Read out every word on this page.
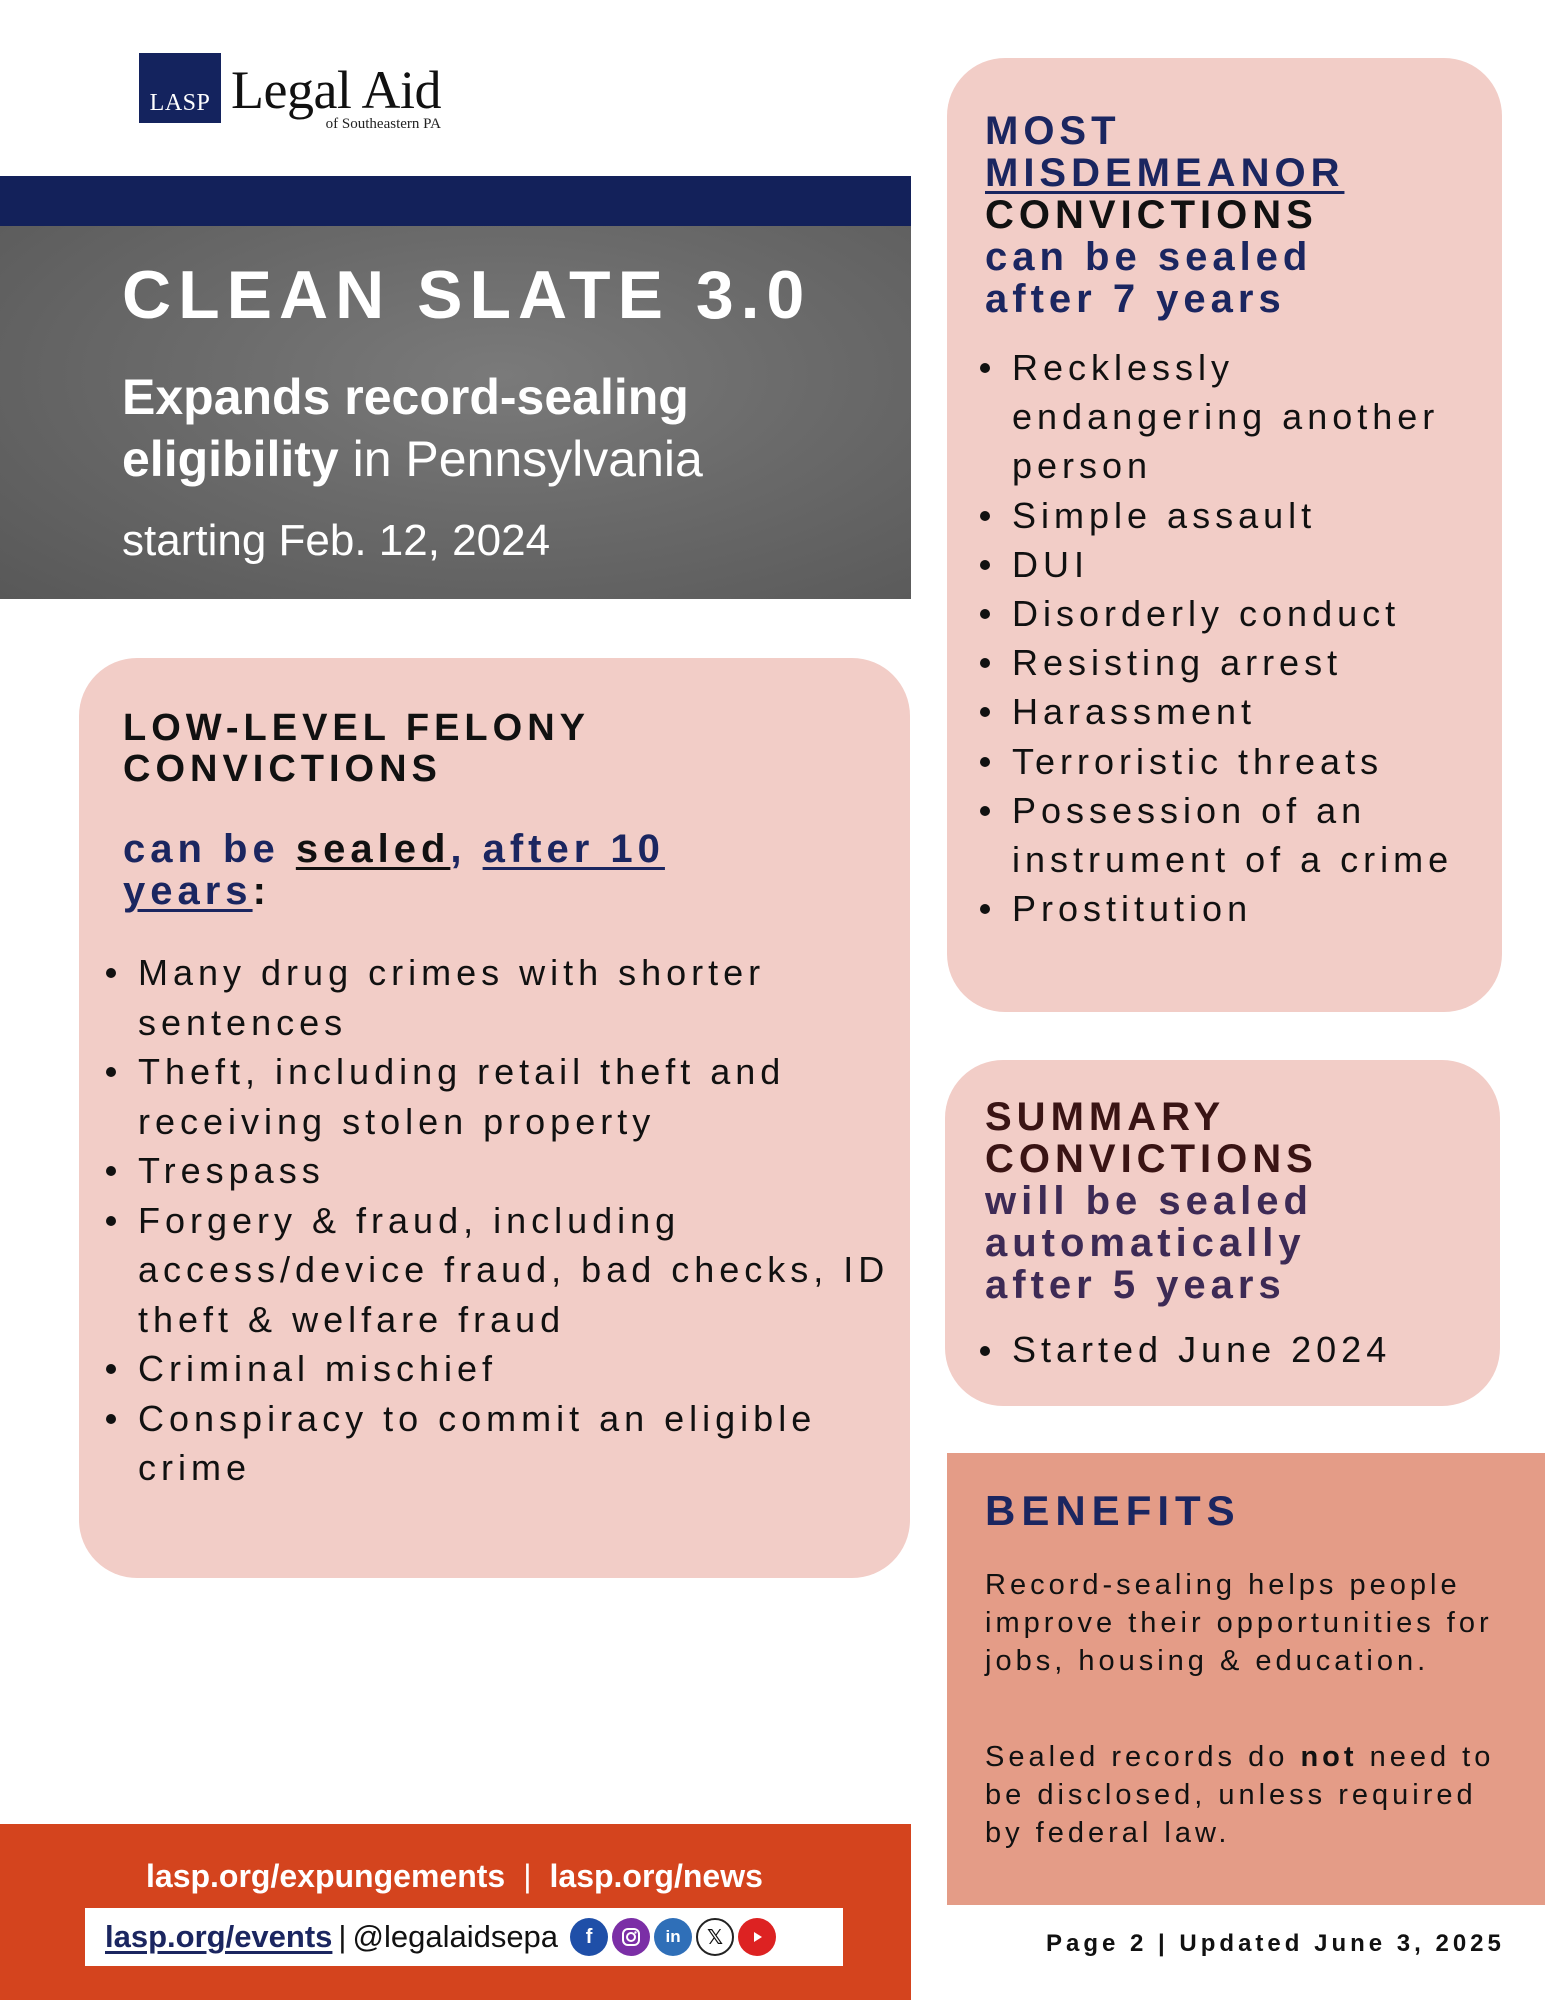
LASP Legal Aid
of Southeastern PA
CLEAN SLATE 3.0

Expands record-sealing eligibility in Pennsylvania

starting Feb. 12, 2024

LOW-LEVEL FELONY CONVICTIONS

can be sealed, after 10 years:

Many drug crimes with shorter sentences
Theft, including retail theft and receiving stolen property
Trespass
Forgery & fraud, including access/device fraud, bad checks, ID theft & welfare fraud
Criminal mischief
Conspiracy to commit an eligible crime
MOST
MISDEMEANOR
CONVICTIONS
can be sealed after 7 years
Recklessly endangering another person
Simple assault
DUI
Disorderly conduct
Resisting arrest
Harassment
Terroristic threats
Possession of an instrument of a crime
Prostitution
SUMMARY CONVICTIONS
will be sealed automatically after 5 years
Started June 2024
BENEFITS

Record-sealing helps people improve their opportunities for jobs, housing & education.

Sealed records do not need to be disclosed, unless required by federal law.

lasp.org/expungements | lasp.org/news
lasp.org/events | @legalaidsepa	f	in	𝕏	Page 2 | Updated June 3, 2025
